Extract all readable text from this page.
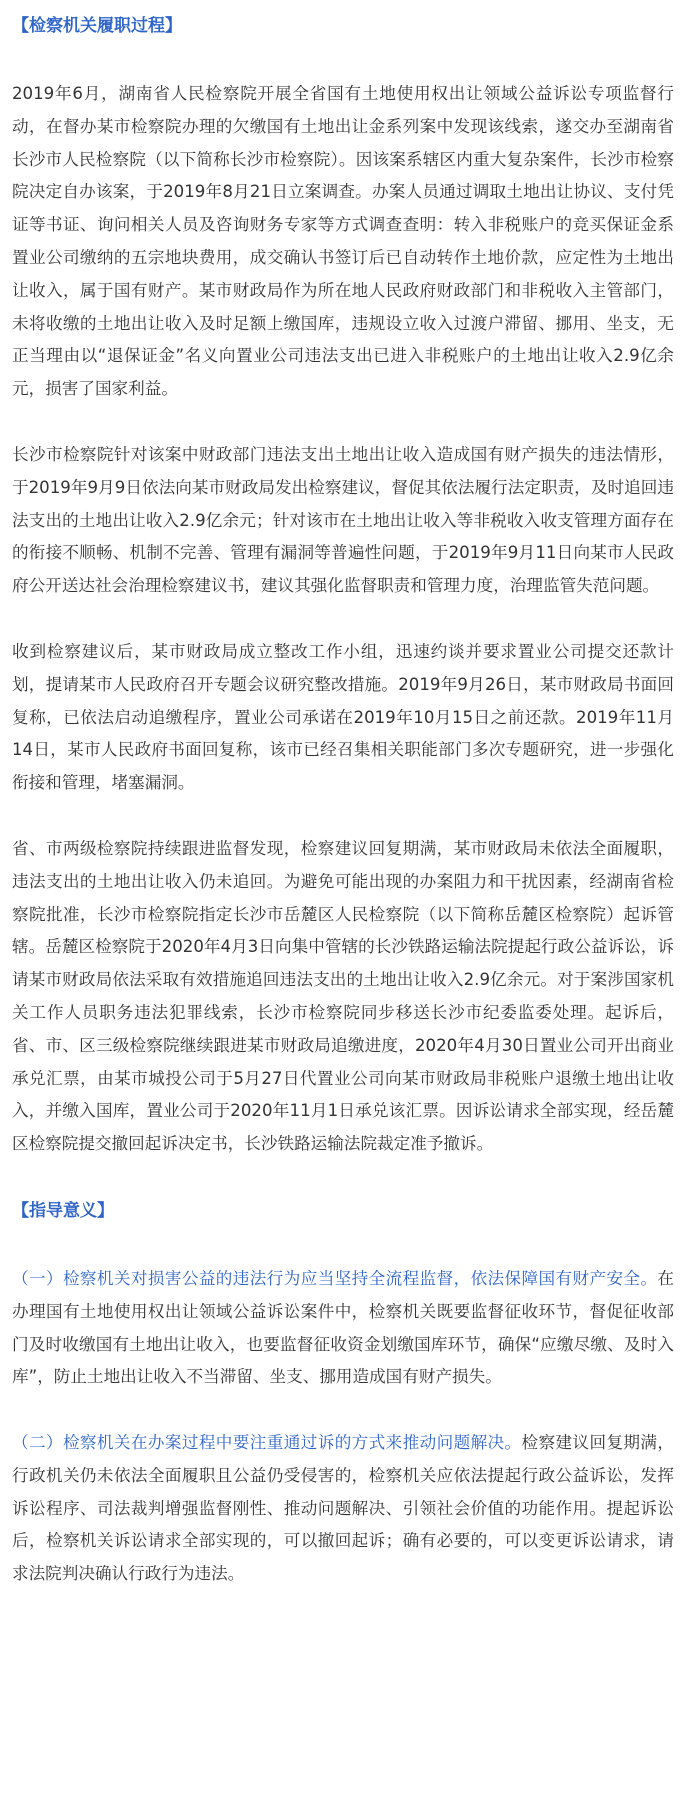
【检察机关履职过程】

2019年6月，湖南省人民检察院开展全省国有土地使用权出让领域公益诉讼专项监督行动，在督办某市检察院办理的欠缴国有土地出让金系列案中发现该线索，遂交办至湖南省长沙市人民检察院（以下简称长沙市检察院）。因该案系辖区内重大复杂案件，长沙市检察院决定自办该案，于2019年8月21日立案调查。办案人员通过调取土地出让协议、支付凭证等书证、询问相关人员及咨询财务专家等方式调查查明：转入非税账户的竞买保证金系置业公司缴纳的五宗地块费用，成交确认书签订后已自动转作土地价款，应定性为土地出让收入，属于国有财产。某市财政局作为所在地人民政府财政部门和非税收入主管部门，未将收缴的土地出让收入及时足额上缴国库，违规设立收入过渡户滞留、挪用、坐支，无正当理由以“退保证金”名义向置业公司违法支出已进入非税账户的土地出让收入2.9亿余元，损害了国家利益。

长沙市检察院针对该案中财政部门违法支出土地出让收入造成国有财产损失的违法情形，于2019年9月9日依法向某市财政局发出检察建议，督促其依法履行法定职责，及时追回违法支出的土地出让收入2.9亿余元；针对该市在土地出让收入等非税收入收支管理方面存在的衔接不顺畅、机制不完善、管理有漏洞等普遍性问题，于2019年9月11日向某市人民政府公开送达社会治理检察建议书，建议其强化监督职责和管理力度，治理监管失范问题。

收到检察建议后，某市财政局成立整改工作小组，迅速约谈并要求置业公司提交还款计划，提请某市人民政府召开专题会议研究整改措施。2019年9月26日，某市财政局书面回复称，已依法启动追缴程序，置业公司承诺在2019年10月15日之前还款。2019年11月14日，某市人民政府书面回复称，该市已经召集相关职能部门多次专题研究，进一步强化衔接和管理，堵塞漏洞。

省、市两级检察院持续跟进监督发现，检察建议回复期满，某市财政局未依法全面履职，违法支出的土地出让收入仍未追回。为避免可能出现的办案阻力和干扰因素，经湖南省检察院批准，长沙市检察院指定长沙市岳麓区人民检察院（以下简称岳麓区检察院）起诉管辖。岳麓区检察院于2020年4月3日向集中管辖的长沙铁路运输法院提起行政公益诉讼，诉请某市财政局依法采取有效措施追回违法支出的土地出让收入2.9亿余元。对于案涉国家机关工作人员职务违法犯罪线索，长沙市检察院同步移送长沙市纪委监委处理。起诉后，省、市、区三级检察院继续跟进某市财政局追缴进度，2020年4月30日置业公司开出商业承兑汇票，由某市城投公司于5月27日代置业公司向某市财政局非税账户退缴土地出让收入，并缴入国库，置业公司于2020年11月1日承兑该汇票。因诉讼请求全部实现，经岳麓区检察院提交撤回起诉决定书，长沙铁路运输法院裁定准予撤诉。

【指导意义】

（一）检察机关对损害公益的违法行为应当坚持全流程监督，依法保障国有财产安全。在办理国有土地使用权出让领域公益诉讼案件中，检察机关既要监督征收环节，督促征收部门及时收缴国有土地出让收入，也要监督征收资金划缴国库环节，确保“应缴尽缴、及时入库”，防止土地出让收入不当滞留、坐支、挪用造成国有财产损失。

（二）检察机关在办案过程中要注重通过诉的方式来推动问题解决。检察建议回复期满，行政机关仍未依法全面履职且公益仍受侵害的，检察机关应依法提起行政公益诉讼，发挥诉讼程序、司法裁判增强监督刚性、推动问题解决、引领社会价值的功能作用。提起诉讼后，检察机关诉讼请求全部实现的，可以撤回起诉；确有必要的，可以变更诉讼请求，请求法院判决确认行政行为违法。
